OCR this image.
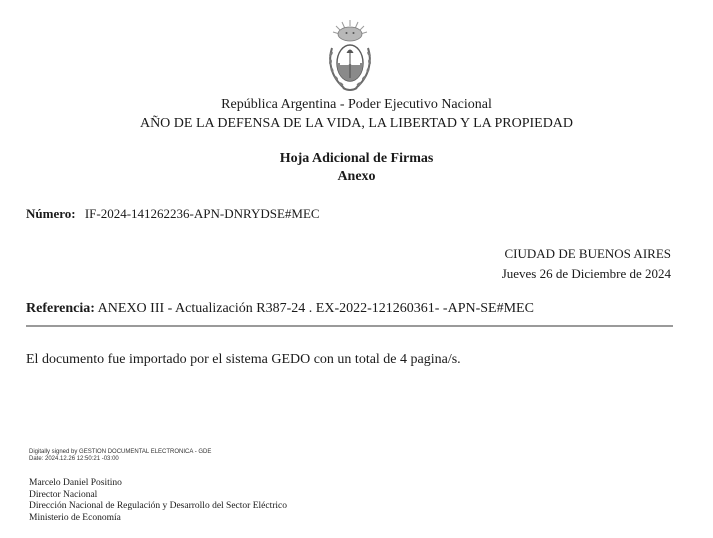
República Argentina - Poder Ejecutivo Nacional
AÑO DE LA DEFENSA DE LA VIDA, LA LIBERTAD Y LA PROPIEDAD
Hoja Adicional de Firmas
Anexo
Número: IF-2024-141262236-APN-DNRYDSE#MEC
CIUDAD DE BUENOS AIRES
Jueves 26 de Diciembre de 2024
Referencia: ANEXO III - Actualización R387-24 . EX-2022-121260361- -APN-SE#MEC
El documento fue importado por el sistema GEDO con un total de 4 pagina/s.
Digitally signed by GESTION DOCUMENTAL ELECTRONICA - GDE
Date: 2024.12.26 12:50:21 -03:00
Marcelo Daniel Positino
Director Nacional
Dirección Nacional de Regulación y Desarrollo del Sector Eléctrico
Ministerio de Economía
